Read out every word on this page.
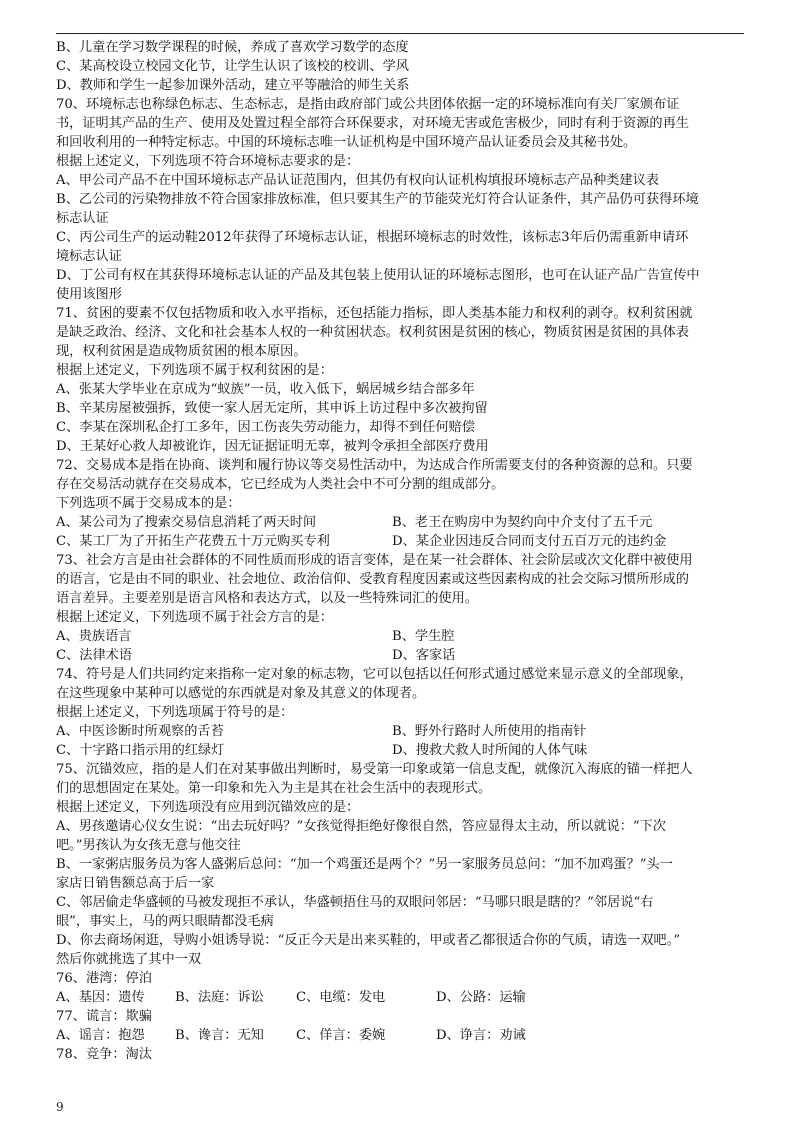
B、儿童在学习数学课程的时候，养成了喜欢学习数学的态度
C、某高校设立校园文化节，让学生认识了该校的校训、学风
D、教师和学生一起参加课外活动，建立平等融洽的师生关系
70、环境标志也称绿色标志、生态标志，是指由政府部门或公共团体依据一定的环境标准向有关厂家颁布证
书，证明其产品的生产、使用及处置过程全部符合环保要求，对环境无害或危害极少，同时有利于资源的再生
和回收利用的一种特定标志。中国的环境标志唯一认证机构是中国环境产品认证委员会及其秘书处。
根据上述定义，下列选项不符合环境标志要求的是：
A、甲公司产品不在中国环境标志产品认证范围内，但其仍有权向认证机构填报环境标志产品种类建议表
B、乙公司的污染物排放不符合国家排放标准，但只要其生产的节能荧光灯符合认证条件，其产品仍可获得环境
标志认证
C、丙公司生产的运动鞋2012年获得了环境标志认证，根据环境标志的时效性，该标志3年后仍需重新申请环
境标志认证
D、丁公司有权在其获得环境标志认证的产品及其包装上使用认证的环境标志图形，也可在认证产品广告宣传中
使用该图形
71、贫困的要素不仅包括物质和收入水平指标，还包括能力指标，即人类基本能力和权利的剥夺。权利贫困就
是缺乏政治、经济、文化和社会基本人权的一种贫困状态。权利贫困是贫困的核心，物质贫困是贫困的具体表
现，权利贫困是造成物质贫困的根本原因。
根据上述定义，下列选项不属于权利贫困的是：
A、张某大学毕业在京成为“蚁族”一员，收入低下，蜗居城乡结合部多年
B、辛某房屋被强拆，致使一家人居无定所，其申诉上访过程中多次被拘留
C、李某在深圳私企打工多年，因工伤丧失劳动能力，却得不到任何赔偿
D、王某好心救人却被讹诈，因无证据证明无辜，被判令承担全部医疗费用
72、交易成本是指在协商、谈判和履行协议等交易性活动中，为达成合作所需要支付的各种资源的总和。只要
存在交易活动就存在交易成本，它已经成为人类社会中不可分割的组成部分。
下列选项不属于交易成本的是：
A、某公司为了搜索交易信息消耗了两天时间	B、老王在购房中为契约向中介支付了五千元
C、某工厂为了开拓生产花费五十万元购买专利	D、某企业因违反合同而支付五百万元的违约金
73、社会方言是由社会群体的不同性质而形成的语言变体，是在某一社会群体、社会阶层或次文化群中被使用
的语言，它是由不同的职业、社会地位、政治信仰、受教育程度因素或这些因素构成的社会交际习惯所形成的
语言差异。主要差别是语言风格和表达方式，以及一些特殊词汇的使用。
根据上述定义，下列选项不属于社会方言的是：
A、贵族语言	B、学生腔
C、法律术语	D、客家话
74、符号是人们共同约定来指称一定对象的标志物，它可以包括以任何形式通过感觉来显示意义的全部现象，
在这些现象中某种可以感觉的东西就是对象及其意义的体现者。
根据上述定义，下列选项属于符号的是：
A、中医诊断时所观察的舌苔	B、野外行路时人所使用的指南针
C、十字路口指示用的红绿灯	D、搜救犬救人时所闻的人体气味
75、沉锚效应，指的是人们在对某事做出判断时，易受第一印象或第一信息支配，就像沉入海底的锚一样把人
们的思想固定在某处。第一印象和先入为主是其在社会生活中的表现形式。
根据上述定义，下列选项没有应用到沉锚效应的是：
A、男孩邀请心仪女生说：“出去玩好吗？”女孩觉得拒绝好像很自然，答应显得太主动，所以就说：“下次
吧。”男孩认为女孩无意与他交往
B、一家粥店服务员为客人盛粥后总问：“加一个鸡蛋还是两个？”另一家服务员总问：“加不加鸡蛋？”头一
家店日销售额总高于后一家
C、邻居偷走华盛顿的马被发现拒不承认，华盛顿捂住马的双眼问邻居：“马哪只眼是瞎的？”邻居说“右
眼”，事实上，马的两只眼睛都没毛病
D、你去商场闲逛，导购小姐诱导说：“反正今天是出来买鞋的，甲或者乙都很适合你的气质，请选一双吧。”
然后你就挑选了其中一双
76、港湾：停泊
A、基因：遗传	B、法庭：诉讼	C、电缆：发电	D、公路：运输
77、谎言：欺骗
A、谣言：抱怨	B、谗言：无知	C、佯言：委婉	D、诤言：劝诫
78、竞争：淘汰
9
